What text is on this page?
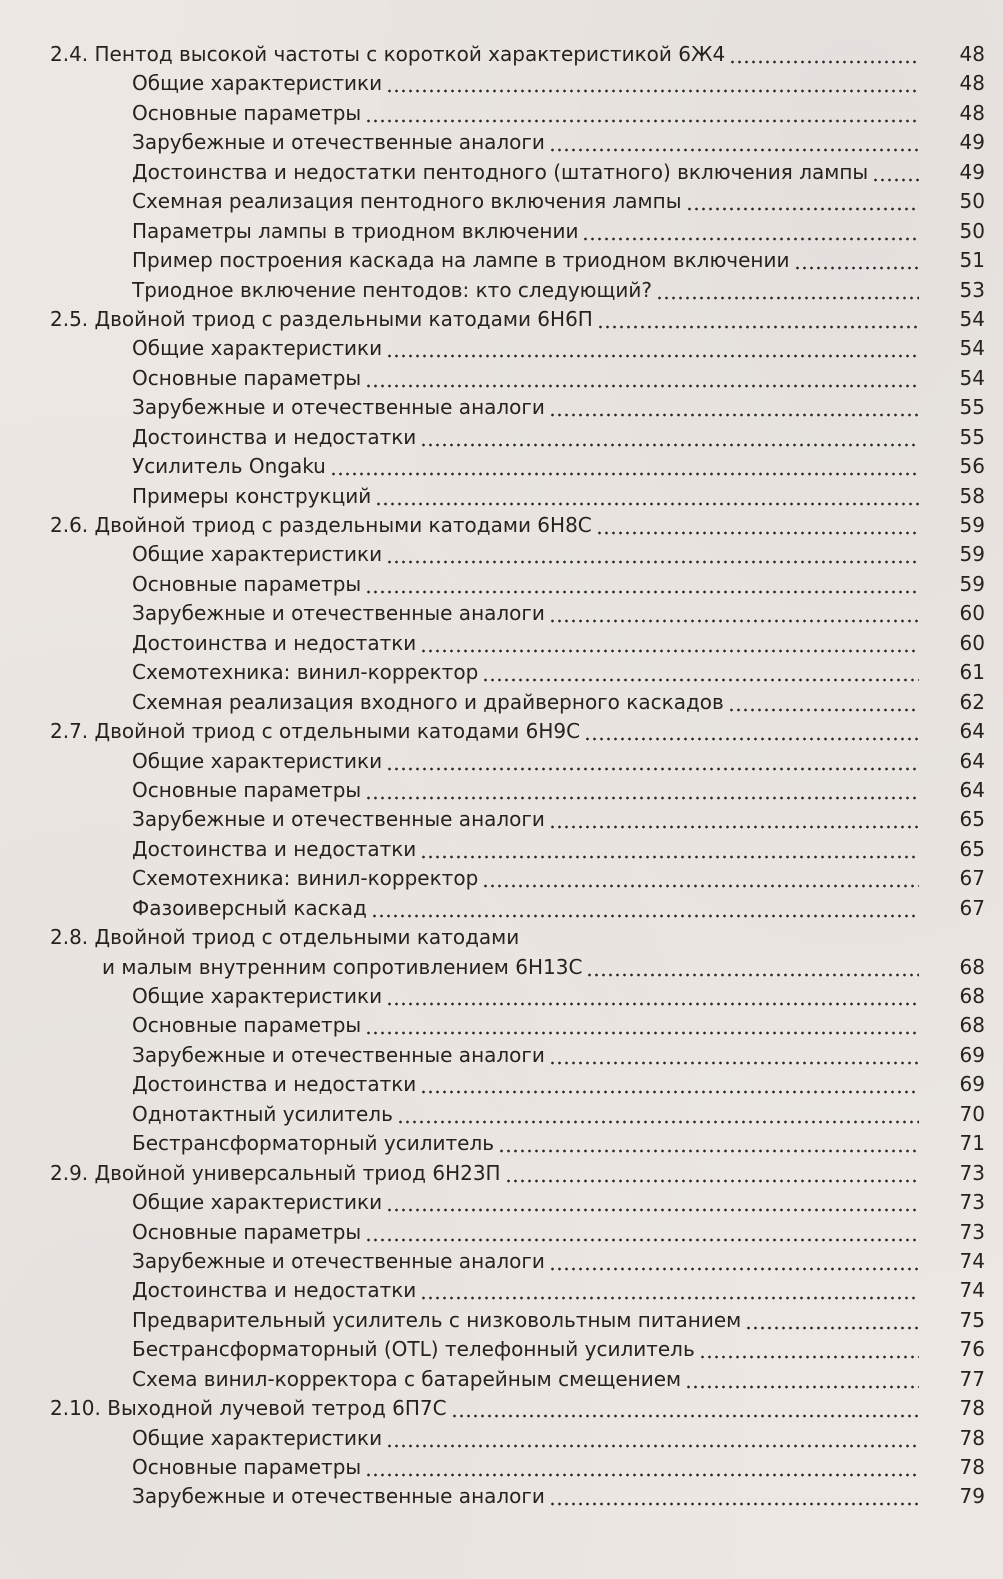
2.4. Пентод высокой частоты с короткой характеристикой 6Ж4	48
Общие характеристики	48
Основные параметры	48
Зарубежные и отечественные аналоги	49
Достоинства и недостатки пентодного (штатного) включения лампы	49
Схемная реализация пентодного включения лампы	50
Параметры лампы в триодном включении	50
Пример построения каскада на лампе в триодном включении	51
Триодное включение пентодов: кто следующий?	53
2.5. Двойной триод с раздельными катодами 6Н6П	54
Общие характеристики	54
Основные параметры	54
Зарубежные и отечественные аналоги	55
Достоинства и недостатки	55
Усилитель Ongaku	56
Примеры конструкций	58
2.6. Двойной триод с раздельными катодами 6Н8С	59
Общие характеристики	59
Основные параметры	59
Зарубежные и отечественные аналоги	60
Достоинства и недостатки	60
Схемотехника: винил-корректор	61
Схемная реализация входного и драйверного каскадов	62
2.7. Двойной триод с отдельными катодами 6Н9С	64
Общие характеристики	64
Основные параметры	64
Зарубежные и отечественные аналоги	65
Достоинства и недостатки	65
Схемотехника: винил-корректор	67
Фазоиверсный каскад	67
2.8. Двойной триод с отдельными катодами
и малым внутренним сопротивлением 6Н13С	68
Общие характеристики	68
Основные параметры	68
Зарубежные и отечественные аналоги	69
Достоинства и недостатки	69
Однотактный усилитель	70
Бестрансформаторный усилитель	71
2.9. Двойной универсальный триод 6Н23П	73
Общие характеристики	73
Основные параметры	73
Зарубежные и отечественные аналоги	74
Достоинства и недостатки	74
Предварительный усилитель с низковольтным питанием	75
Бестрансформаторный (OTL) телефонный усилитель	76
Схема винил-корректора с батарейным смещением	77
2.10. Выходной лучевой тетрод 6П7С	78
Общие характеристики	78
Основные параметры	78
Зарубежные и отечественные аналоги	79
